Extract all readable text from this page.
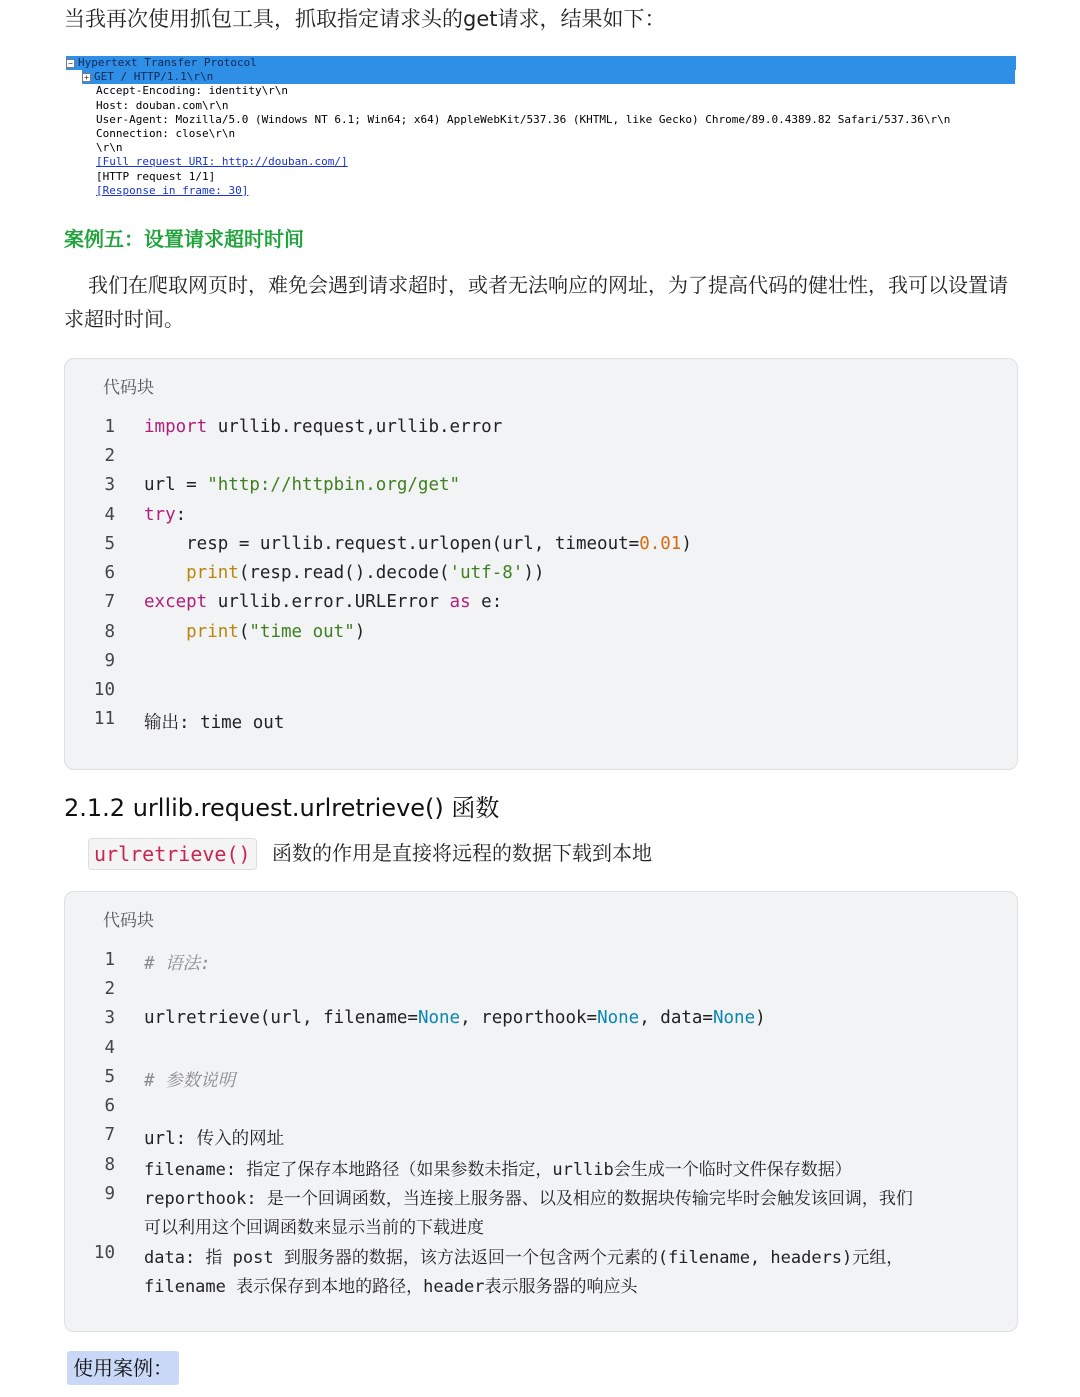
当我再次使用抓包工具，抓取指定请求头的get请求，结果如下：
− Hypertext Transfer Protocol
+ GET / HTTP/1.1\r\n
Accept-Encoding: identity\r\n
Host: douban.com\r\n
User-Agent: Mozilla/5.0 (Windows NT 6.1; Win64; x64) AppleWebKit/537.36 (KHTML, like Gecko) Chrome/89.0.4389.82 Safari/537.36\r\n
Connection: close\r\n
\r\n
[Full request URI: http://douban.com/]
[HTTP request 1/1]
[Response in frame: 30]
案例五：设置请求超时时间
我们在爬取网页时，难免会遇到请求超时，或者无法响应的网址，为了提高代码的健壮性，我可以设置请求超时时间。
代码块
1
2
3
4
5
6
7
8
9
10
11
import urllib.request,urllib.error
url = "http://httpbin.org/get"
try:
resp = urllib.request.urlopen(url, timeout=0.01)
print(resp.read().decode('utf-8'))
except urllib.error.URLError as e:
print("time out")
输出: time out
2.1.2 urllib.request.urlretrieve() 函数
urlretrieve()	函数的作用是直接将远程的数据下载到本地
代码块
1
2
3
4
5
6
7
8
9
10
# 语法:
urlretrieve(url, filename=None, reporthook=None, data=None)
# 参数说明
url: 传入的网址
filename: 指定了保存本地路径（如果参数未指定，urllib会生成一个临时文件保存数据）
reporthook: 是一个回调函数，当连接上服务器、以及相应的数据块传输完毕时会触发该回调，我们
可以利用这个回调函数来显示当前的下载进度
data: 指 post 到服务器的数据，该方法返回一个包含两个元素的(filename, headers)元组，
filename 表示保存到本地的路径，header表示服务器的响应头
使用案例：
